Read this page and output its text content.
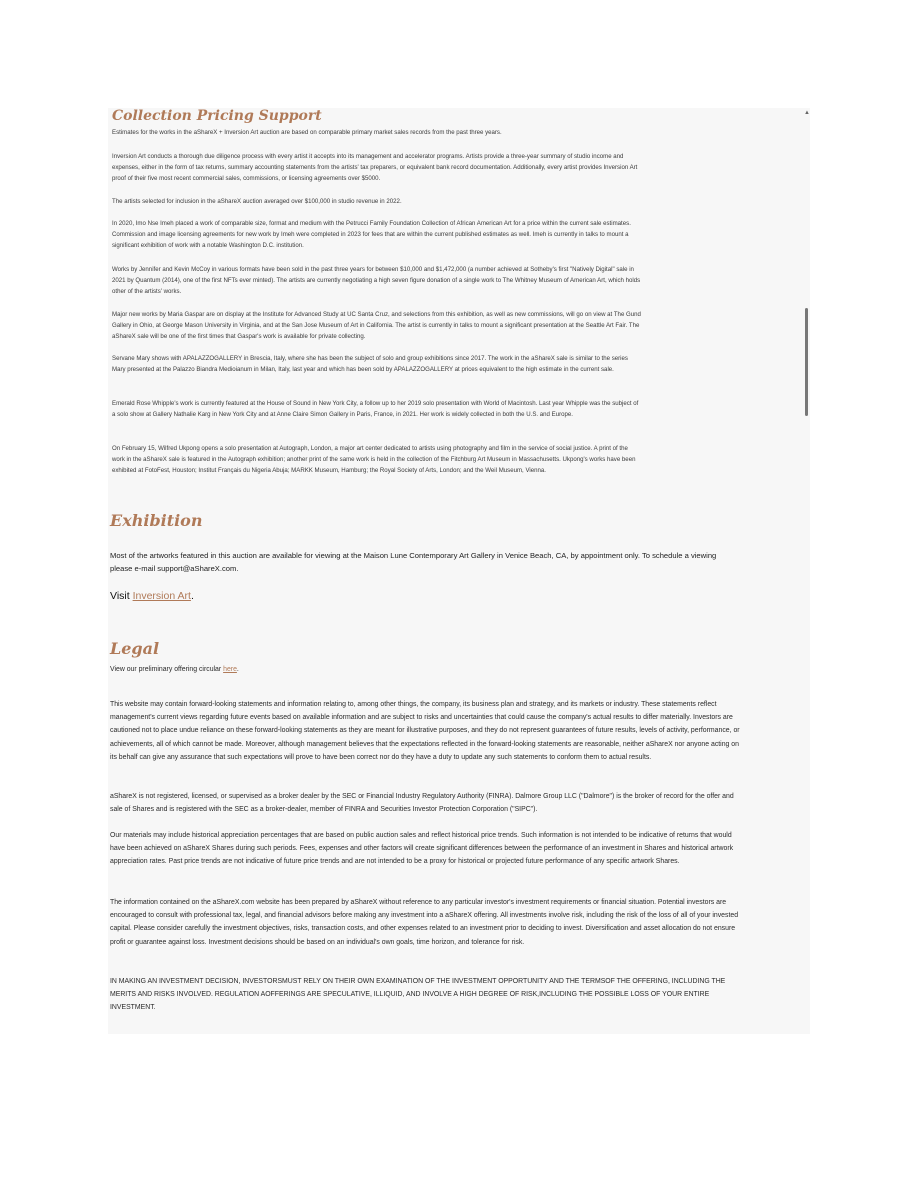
Collection Pricing Support

Estimates for the works in the aShareX + Inversion Art auction are based on comparable primary market sales records from the past three years.

Inversion Art conducts a thorough due diligence process with every artist it accepts into its management and accelerator programs. Artists provide a three-year summary of studio income and expenses, either in the form of tax returns, summary accounting statements from the artists' tax preparers, or equivalent bank record documentation. Additionally, every artist provides Inversion Art proof of their five most recent commercial sales, commissions, or licensing agreements over $5000.

The artists selected for inclusion in the aShareX auction averaged over $100,000 in studio revenue in 2022.

In 2020, Imo Nse Imeh placed a work of comparable size, format and medium with the Petrucci Family Foundation Collection of African American Art for a price within the current sale estimates. Commission and image licensing agreements for new work by Imeh were completed in 2023 for fees that are within the current published estimates as well. Imeh is currently in talks to mount a significant exhibition of work with a notable Washington D.C. institution.

Works by Jennifer and Kevin McCoy in various formats have been sold in the past three years for between $10,000 and $1,472,000 (a number achieved at Sotheby's first "Natively Digital" sale in 2021 by Quantum (2014), one of the first NFTs ever minted). The artists are currently negotiating a high seven figure donation of a single work to The Whitney Museum of American Art, which holds other of the artists' works.

Major new works by Maria Gaspar are on display at the Institute for Advanced Study at UC Santa Cruz, and selections from this exhibition, as well as new commissions, will go on view at The Gund Gallery in Ohio, at George Mason University in Virginia, and at the San Jose Museum of Art in California. The artist is currently in talks to mount a significant presentation at the Seattle Art Fair. The aShareX sale will be one of the first times that Gaspar's work is available for private collecting.

Servane Mary shows with APALAZZOGALLERY in Brescia, Italy, where she has been the subject of solo and group exhibitions since 2017. The work in the aShareX sale is similar to the series Mary presented at the Palazzo Biandra Medioianum in Milan, Italy, last year and which has been sold by APALAZZOGALLERY at prices equivalent to the high estimate in the current sale.

Emerald Rose Whipple's work is currently featured at the House of Sound in New York City, a follow up to her 2019 solo presentation with World of Macintosh. Last year Whipple was the subject of a solo show at Gallery Nathalie Karg in New York City and at Anne Claire Simon Gallery in Paris, France, in 2021. Her work is widely collected in both the U.S. and Europe.

On February 15, Wilfred Ukpong opens a solo presentation at Autograph, London, a major art center dedicated to artists using photography and film in the service of social justice. A print of the work in the aShareX sale is featured in the Autograph exhibition; another print of the same work is held in the collection of the Fitchburg Art Museum in Massachusetts. Ukpong's works have been exhibited at FotoFest, Houston; Institut Français du Nigeria Abuja; MARKK Museum, Hamburg; the Royal Society of Arts, London; and the Weil Museum, Vienna.

Exhibition

Most of the artworks featured in this auction are available for viewing at the Maison Lune Contemporary Art Gallery in Venice Beach, CA, by appointment only. To schedule a viewing please e-mail support@aShareX.com.

Visit Inversion Art.

Legal

View our preliminary offering circular here.

This website may contain forward-looking statements and information relating to, among other things, the company, its business plan and strategy, and its markets or industry. These statements reflect management's current views regarding future events based on available information and are subject to risks and uncertainties that could cause the company's actual results to differ materially. Investors are cautioned not to place undue reliance on these forward-looking statements as they are meant for illustrative purposes, and they do not represent guarantees of future results, levels of activity, performance, or achievements, all of which cannot be made. Moreover, although management believes that the expectations reflected in the forward-looking statements are reasonable, neither aShareX nor anyone acting on its behalf can give any assurance that such expectations will prove to have been correct nor do they have a duty to update any such statements to conform them to actual results.

aShareX is not registered, licensed, or supervised as a broker dealer by the SEC or Financial Industry Regulatory Authority (FINRA). Dalmore Group LLC ("Dalmore") is the broker of record for the offer and sale of Shares and is registered with the SEC as a broker-dealer, member of FINRA and Securities Investor Protection Corporation ("SIPC").

Our materials may include historical appreciation percentages that are based on public auction sales and reflect historical price trends. Such information is not intended to be indicative of returns that would have been achieved on aShareX Shares during such periods. Fees, expenses and other factors will create significant differences between the performance of an investment in Shares and historical artwork appreciation rates. Past price trends are not indicative of future price trends and are not intended to be a proxy for historical or projected future performance of any specific artwork Shares.

The information contained on the aShareX.com website has been prepared by aShareX without reference to any particular investor's investment requirements or financial situation. Potential investors are encouraged to consult with professional tax, legal, and financial advisors before making any investment into a aShareX offering. All investments involve risk, including the risk of the loss of all of your invested capital. Please consider carefully the investment objectives, risks, transaction costs, and other expenses related to an investment prior to deciding to invest. Diversification and asset allocation do not ensure profit or guarantee against loss. Investment decisions should be based on an individual's own goals, time horizon, and tolerance for risk.

IN MAKING AN INVESTMENT DECISION, INVESTORSMUST RELY ON THEIR OWN EXAMINATION OF THE INVESTMENT OPPORTUNITY AND THE TERMSOF THE OFFERING, INCLUDING THE MERITS AND RISKS INVOLVED. REGULATION AOFFERINGS ARE SPECULATIVE, ILLIQUID, AND INVOLVE A HIGH DEGREE OF RISK,INCLUDING THE POSSIBLE LOSS OF YOUR ENTIRE INVESTMENT.

▲
